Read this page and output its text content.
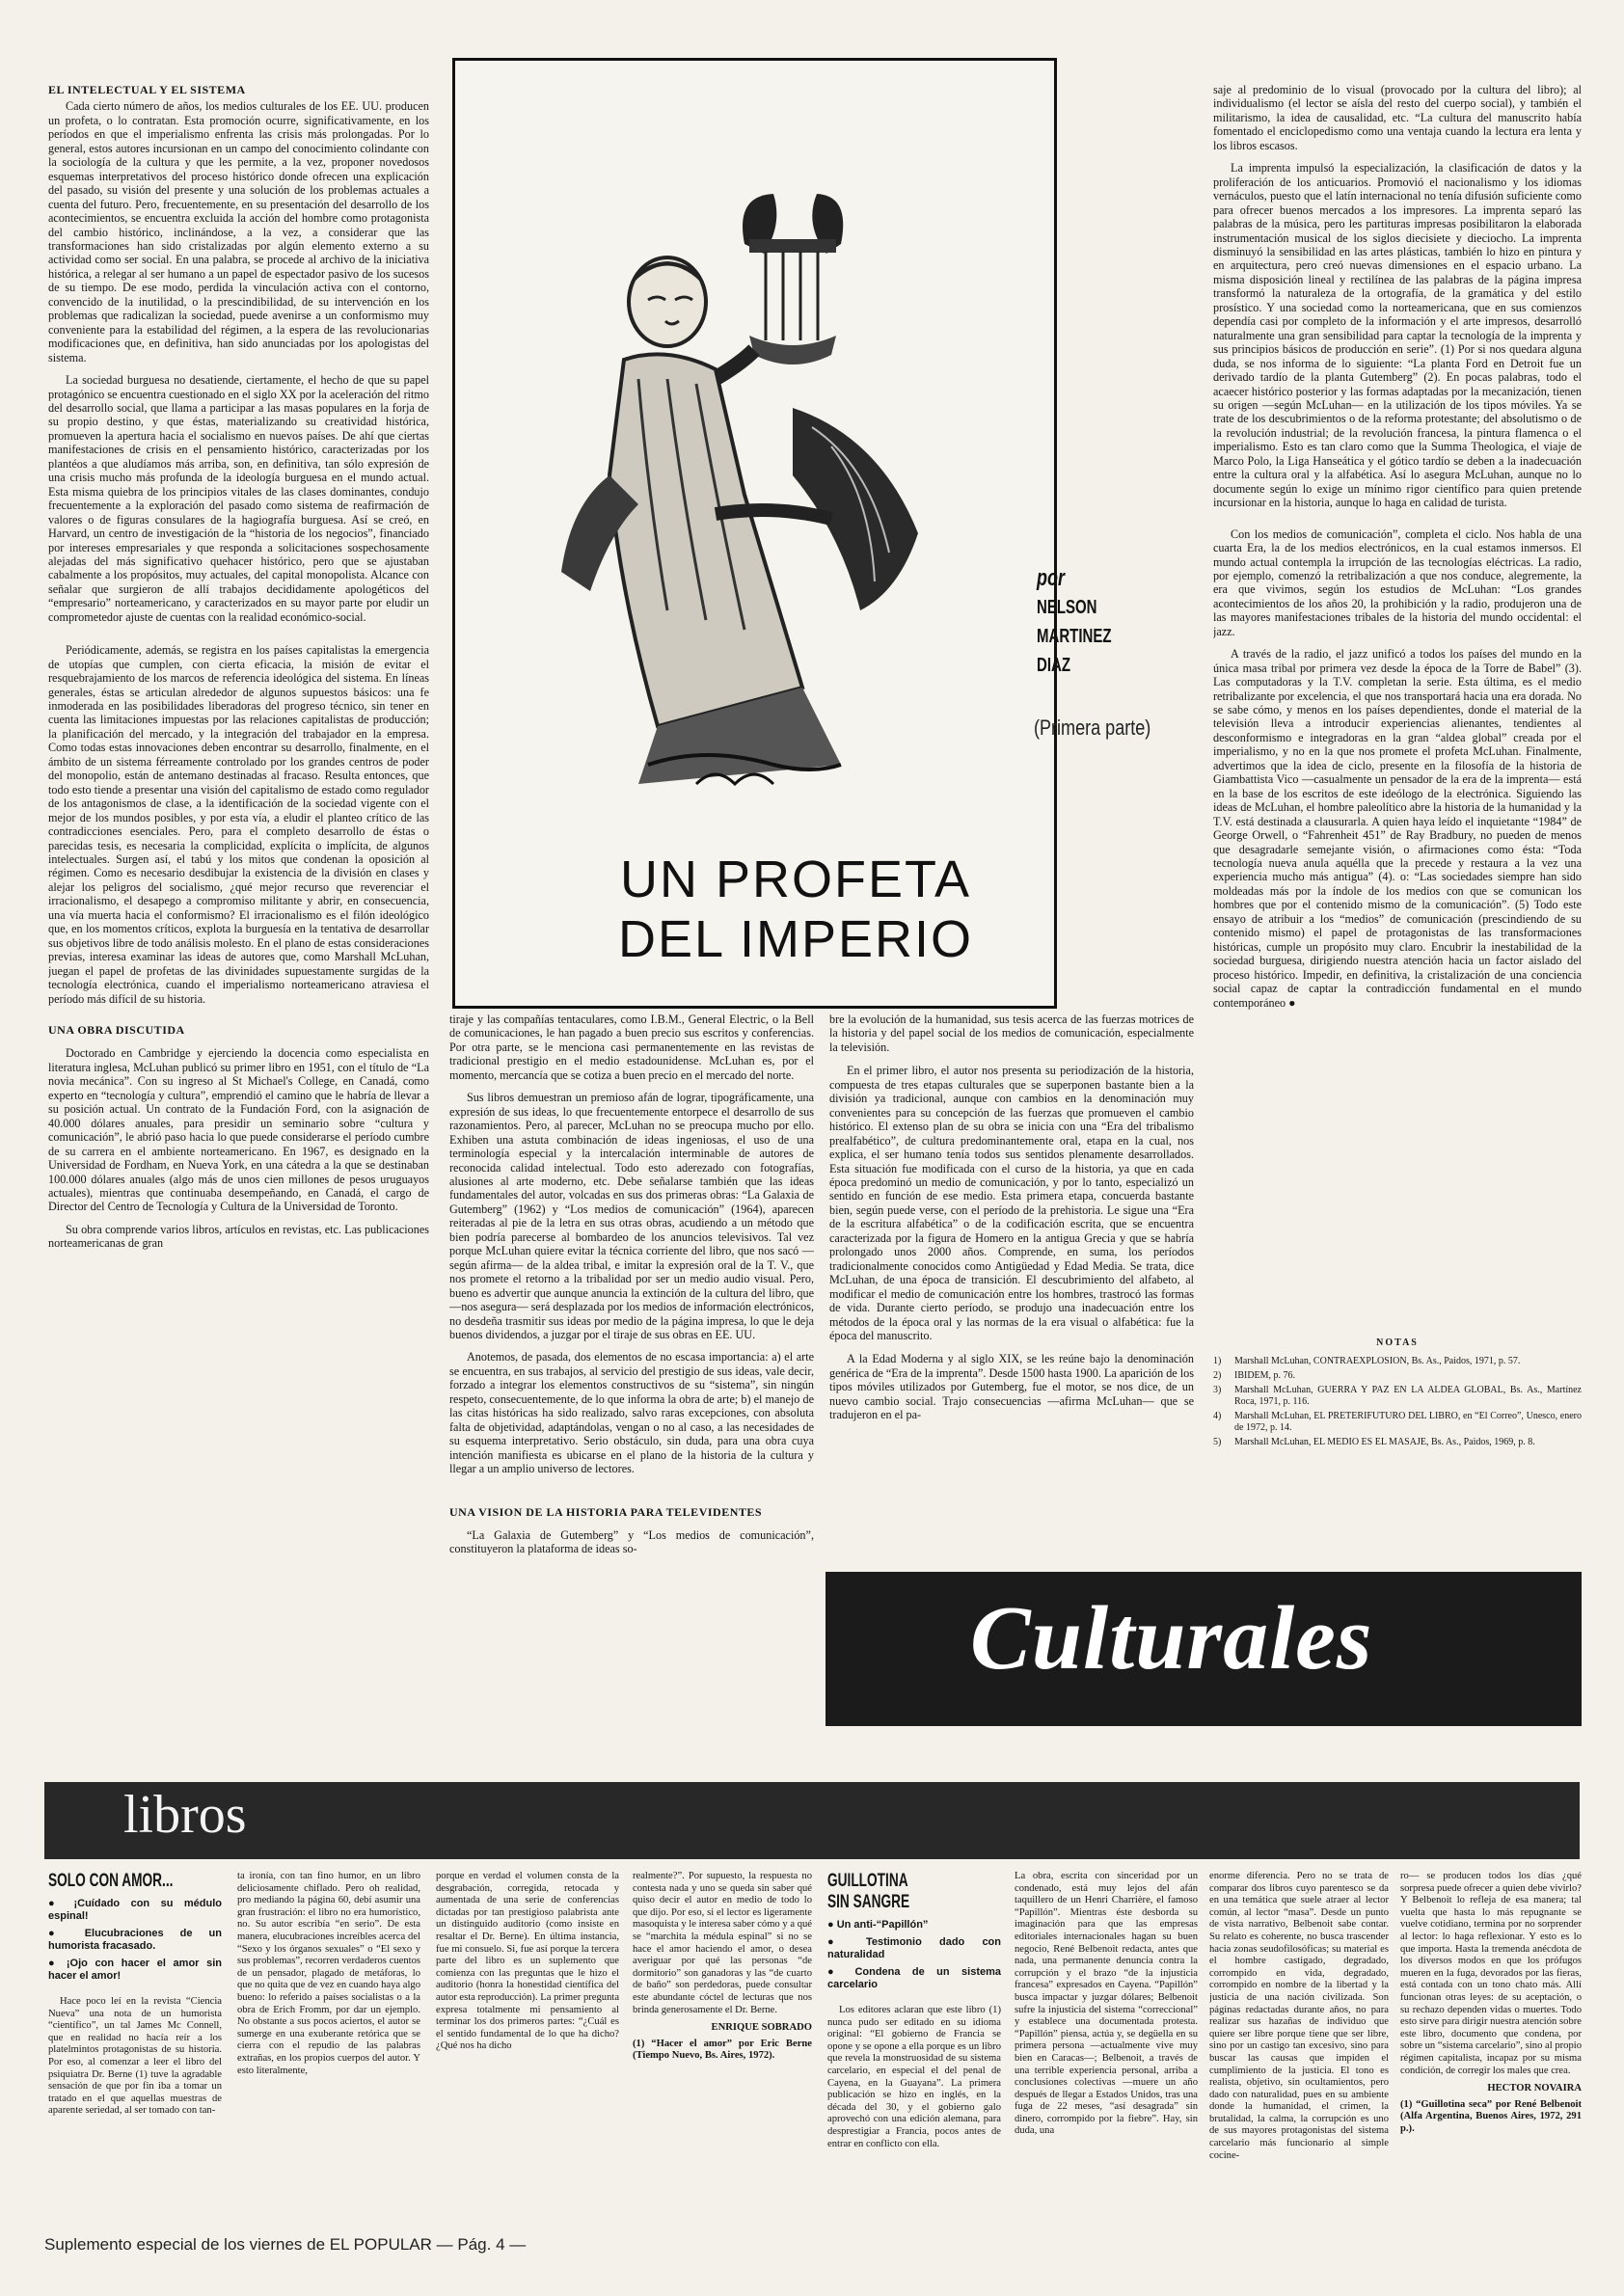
EL INTELECTUAL Y EL SISTEMA

Cada cierto número de años, los medios culturales de los EE. UU. producen un profeta, o lo contratan. Esta promoción ocurre, significativamente, en los períodos en que el imperialismo enfrenta las crisis más prolongadas. Por lo general, estos autores incursionan en un campo del conocimiento colindante con la sociología de la cultura y que les permite, a la vez, proponer novedosos esquemas interpretativos del proceso histórico donde ofrecen una explicación del pasado, su visión del presente y una solución de los problemas actuales a cuenta del futuro. Pero, frecuentemente, en su presentación del desarrollo de los acontecimientos, se encuentra excluida la acción del hombre como protagonista del cambio histórico, inclinándose, a la vez, a considerar que las transformaciones han sido cristalizadas por algún elemento externo a su actividad como ser social. En una palabra, se procede al archivo de la iniciativa histórica, a relegar al ser humano a un papel de espectador pasivo de los sucesos de su tiempo. De ese modo, perdida la vinculación activa con el contorno, convencido de la inutilidad, o la prescindibilidad, de su intervención en los problemas que radicalizan la sociedad, puede avenirse a un conformismo muy conveniente para la estabilidad del régimen, a la espera de las revolucionarias modificaciones que, en definitiva, han sido anunciadas por los apologistas del sistema.

La sociedad burguesa no desatiende, ciertamente, el hecho de que su papel protagónico se encuentra cuestionado en el siglo XX por la aceleración del ritmo del desarrollo social, que llama a participar a las masas populares en la forja de su propio destino, y que éstas, materializando su creatividad histórica, promueven la apertura hacia el socialismo en nuevos países. De ahí que ciertas manifestaciones de crisis en el pensamiento histórico, caracterizadas por los plantéos a que aludíamos más arriba, son, en definitiva, tan sólo expresión de una crisis mucho más profunda de la ideología burguesa en el mundo actual. Esta misma quiebra de los principios vitales de las clases dominantes, condujo frecuentemente a la exploración del pasado como sistema de reafirmación de valores o de figuras consulares de la hagiografía burguesa. Así se creó, en Harvard, un centro de investigación de la “historia de los negocios”, financiado por intereses empresariales y que responda a solicitaciones sospechosamente alejadas del más significativo quehacer histórico, pero que se ajustaban cabalmente a los propósitos, muy actuales, del capital monopolista. Alcance con señalar que surgieron de allí trabajos decididamente apologéticos del “empresario” norteamericano, y caracterizados en su mayor parte por eludir un comprometedor ajuste de cuentas con la realidad económico-social.

Periódicamente, además, se registra en los países capitalistas la emergencia de utopías que cumplen, con cierta eficacia, la misión de evitar el resquebrajamiento de los marcos de referencia ideológica del sistema. En líneas generales, éstas se articulan alrededor de algunos supuestos básicos: una fe inmoderada en las posibilidades liberadoras del progreso técnico, sin tener en cuenta las limitaciones impuestas por las relaciones capitalistas de producción; la planificación del mercado, y la integración del trabajador en la empresa. Como todas estas innovaciones deben encontrar su desarrollo, finalmente, en el ámbito de un sistema férreamente controlado por los grandes centros de poder del monopolio, están de antemano destinadas al fracaso. Resulta entonces, que todo esto tiende a presentar una visión del capitalismo de estado como regulador de los antagonismos de clase, a la identificación de la sociedad vigente con el mejor de los mundos posibles, y por esta vía, a eludir el planteo crítico de las contradicciones esenciales. Pero, para el completo desarrollo de éstas o parecidas tesis, es necesaria la complicidad, explícita o implícita, de algunos intelectuales. Surgen así, el tabú y los mitos que condenan la oposición al régimen. Como es necesario desdibujar la existencia de la división en clases y alejar los peligros del socialismo, ¿qué mejor recurso que reverenciar el irracionalismo, el desapego a compromiso militante y abrir, en consecuencia, una vía muerta hacia el conformismo? El irracionalismo es el filón ideológico que, en los momentos críticos, explota la burguesía en la tentativa de desarrollar sus objetivos libre de todo análisis molesto. En el plano de estas consideraciones previas, interesa examinar las ideas de autores que, como Marshall McLuhan, juegan el papel de profetas de las divinidades supuestamente surgidas de la tecnología electrónica, cuando el imperialismo norteamericano atraviesa el período más difícil de su historia.

UNA OBRA DISCUTIDA

Doctorado en Cambridge y ejerciendo la docencia como especialista en literatura inglesa, McLuhan publicó su primer libro en 1951, con el título de “La novia mecánica”. Con su ingreso al St Michael's College, en Canadá, como experto en “tecnología y cultura”, emprendió el camino que le habría de llevar a su posición actual. Un contrato de la Fundación Ford, con la asignación de 40.000 dólares anuales, para presidir un seminario sobre “cultura y comunicación”, le abrió paso hacia lo que puede considerarse el período cumbre de su carrera en el ambiente norteamericano. En 1967, es designado en la Universidad de Fordham, en Nueva York, en una cátedra a la que se destinaban 100.000 dólares anuales (algo más de unos cien millones de pesos uruguayos actuales), mientras que continuaba desempeñando, en Canadá, el cargo de Director del Centro de Tecnología y Cultura de la Universidad de Toronto.

Su obra comprende varios libros, artículos en revistas, etc. Las publicaciones norteamericanas de gran

UN PROFETA
DEL IMPERIO
por
NELSON
MARTINEZ
DIAZ
(Primera parte)

tiraje y las compañías tentaculares, como I.B.M., General Electric, o la Bell de comunicaciones, le han pagado a buen precio sus escritos y conferencias. Por otra parte, se le menciona casi permanentemente en las revistas de tradicional prestigio en el medio estadounidense. McLuhan es, por el momento, mercancía que se cotiza a buen precio en el mercado del norte.

Sus libros demuestran un premioso afán de lograr, tipográficamente, una expresión de sus ideas, lo que frecuentemente entorpece el desarrollo de sus razonamientos. Pero, al parecer, McLuhan no se preocupa mucho por ello. Exhiben una astuta combinación de ideas ingeniosas, el uso de una terminología especial y la intercalación interminable de autores de reconocida calidad intelectual. Todo esto aderezado con fotografías, alusiones al arte moderno, etc. Debe señalarse también que las ideas fundamentales del autor, volcadas en sus dos primeras obras: “La Galaxia de Gutemberg” (1962) y “Los medios de comunicación” (1964), aparecen reiteradas al pie de la letra en sus otras obras, acudiendo a un método que bien podría parecerse al bombardeo de los anuncios televisivos. Tal vez porque McLuhan quiere evitar la técnica corriente del libro, que nos sacó —según afirma— de la aldea tribal, e imitar la expresión oral de la T. V., que nos promete el retorno a la tribalidad por ser un medio audio visual. Pero, bueno es advertir que aunque anuncia la extinción de la cultura del libro, que —nos asegura— será desplazada por los medios de información electrónicos, no desdeña trasmitir sus ideas por medio de la página impresa, lo que le deja buenos dividendos, a juzgar por el tiraje de sus obras en EE. UU.

Anotemos, de pasada, dos elementos de no escasa importancia: a) el arte se encuentra, en sus trabajos, al servicio del prestigio de sus ideas, vale decir, forzado a integrar los elementos constructivos de su “sistema”, sin ningún respeto, consecuentemente, de lo que informa la obra de arte; b) el manejo de las citas históricas ha sido realizado, salvo raras excepciones, con absoluta falta de objetividad, adaptándolas, vengan o no al caso, a las necesidades de su esquema interpretativo. Serio obstáculo, sin duda, para una obra cuya intención manifiesta es ubicarse en el plano de la historia de la cultura y llegar a un amplio universo de lectores.

UNA VISION DE LA HISTORIA PARA TELEVIDENTES

“La Galaxia de Gutemberg” y “Los medios de comunicación”, constituyeron la plataforma de ideas so-

bre la evolución de la humanidad, sus tesis acerca de las fuerzas motrices de la historia y del papel social de los medios de comunicación, especialmente la televisión.

En el primer libro, el autor nos presenta su periodización de la historia, compuesta de tres etapas culturales que se superponen bastante bien a la división ya tradicional, aunque con cambios en la denominación muy convenientes para su concepción de las fuerzas que promueven el cambio histórico. El extenso plan de su obra se inicia con una “Era del tribalismo prealfabético”, de cultura predominantemente oral, etapa en la cual, nos explica, el ser humano tenía todos sus sentidos plenamente desarrollados. Esta situación fue modificada con el curso de la historia, ya que en cada época predominó un medio de comunicación, y por lo tanto, especializó un sentido en función de ese medio. Esta primera etapa, concuerda bastante bien, según puede verse, con el período de la prehistoria. Le sigue una “Era de la escritura alfabética” o de la codificación escrita, que se encuentra caracterizada por la figura de Homero en la antigua Grecia y que se habría prolongado unos 2000 años. Comprende, en suma, los períodos tradicionalmente conocidos como Antigüedad y Edad Media. Se trata, dice McLuhan, de una época de transición. El descubrimiento del alfabeto, al modificar el medio de comunicación entre los hombres, trastrocó las formas de vida. Durante cierto período, se produjo una inadecuación entre los métodos de la época oral y las normas de la era visual o alfabética: fue la época del manuscrito.

A la Edad Moderna y al siglo XIX, se les reúne bajo la denominación genérica de “Era de la imprenta”. Desde 1500 hasta 1900. La aparición de los tipos móviles utilizados por Gutemberg, fue el motor, se nos dice, de un nuevo cambio social. Trajo consecuencias —afirma McLuhan— que se tradujeron en el pa-

saje al predominio de lo visual (provocado por la cultura del libro); al individualismo (el lector se aísla del resto del cuerpo social), y también el militarismo, la idea de causalidad, etc. “La cultura del manuscrito había fomentado el enciclopedismo como una ventaja cuando la lectura era lenta y los libros escasos.

La imprenta impulsó la especialización, la clasificación de datos y la proliferación de los anticuarios. Promovió el nacionalismo y los idiomas vernáculos, puesto que el latín internacional no tenía difusión suficiente como para ofrecer buenos mercados a los impresores. La imprenta separó las palabras de la música, pero les partituras impresas posibilitaron la elaborada instrumentación musical de los siglos diecisiete y dieciocho. La imprenta disminuyó la sensibilidad en las artes plásticas, también lo hizo en pintura y en arquitectura, pero creó nuevas dimensiones en el espacio urbano. La misma disposición lineal y rectilínea de las palabras de la página impresa transformó la naturaleza de la ortografía, de la gramática y del estilo prosístico. Y una sociedad como la norteamericana, que en sus comienzos dependía casi por completo de la información y el arte impresos, desarrolló naturalmente una gran sensibilidad para captar la tecnología de la imprenta y sus principios básicos de producción en serie”. (1) Por si nos quedara alguna duda, se nos informa de lo siguiente: “La planta Ford en Detroit fue un derivado tardío de la planta Gutemberg” (2). En pocas palabras, todo el acaecer histórico posterior y las formas adaptadas por la mecanización, tienen su origen —según McLuhan— en la utilización de los tipos móviles. Ya se trate de los descubrimientos o de la reforma protestante; del absolutismo o de la revolución industrial; de la revolución francesa, la pintura flamenca o el imperialismo. Esto es tan claro como que la Summa Theologica, el viaje de Marco Polo, la Liga Hanseática y el gótico tardío se deben a la inadecuación entre la cultura oral y la alfabética. Así lo asegura McLuhan, aunque no lo documente según lo exige un mínimo rigor científico para quien pretende incursionar en la historia, aunque lo haga en calidad de turista.

Con los medios de comunicación”, completa el ciclo. Nos habla de una cuarta Era, la de los medios electrónicos, en la cual estamos inmersos. El mundo actual contempla la irrupción de las tecnologías eléctricas. La radio, por ejemplo, comenzó la retribalización a que nos conduce, alegremente, la era que vivimos, según los estudios de McLuhan: “Los grandes acontecimientos de los años 20, la prohibición y la radio, produjeron una de las mayores manifestaciones tribales de la historia del mundo occidental: el jazz.

A través de la radio, el jazz unificó a todos los países del mundo en la única masa tribal por primera vez desde la época de la Torre de Babel” (3). Las computadoras y la T.V. completan la serie. Esta última, es el medio retribalizante por excelencia, el que nos transportará hacia una era dorada. No se sabe cómo, y menos en los países dependientes, donde el material de la televisión lleva a introducir experiencias alienantes, tendientes al desconformismo e integradoras en la gran “aldea global” creada por el imperialismo, y no en la que nos promete el profeta McLuhan. Finalmente, advertimos que la idea de ciclo, presente en la filosofía de la historia de Giambattista Vico —casualmente un pensador de la era de la imprenta— está en la base de los escritos de este ideólogo de la electrónica. Siguiendo las ideas de McLuhan, el hombre paleolítico abre la historia de la humanidad y la T.V. está destinada a clausurarla. A quien haya leído el inquietante “1984” de George Orwell, o “Fahrenheit 451” de Ray Bradbury, no pueden de menos que desagradarle semejante visión, o afirmaciones como ésta: “Toda tecnología nueva anula aquélla que la precede y restaura a la vez una experiencia mucho más antigua” (4). o: “Las sociedades siempre han sido moldeadas más por la índole de los medios con que se comunican los hombres que por el contenido mismo de la comunicación”. (5) Todo este ensayo de atribuir a los “medios” de comunicación (prescindiendo de su contenido mismo) el papel de protagonistas de las transformaciones históricas, cumple un propósito muy claro. Encubrir la inestabilidad de la sociedad burguesa, dirigiendo nuestra atención hacia un factor aislado del proceso histórico. Impedir, en definitiva, la cristalización de una conciencia social capaz de captar la contradicción fundamental en el mundo contemporáneo ●

NOTAS
1)	Marshall McLuhan, CONTRAEXPLOSION, Bs. As., Paidos, 1971, p. 57.
2)	IBIDEM, p. 76.
3)	Marshall McLuhan, GUERRA Y PAZ EN LA ALDEA GLOBAL, Bs. As., Martínez Roca, 1971, p. 116.
4)	Marshall McLuhan, EL PRETERIFUTURO DEL LIBRO, en “El Correo”, Unesco, enero de 1972, p. 14.
5)	Marshall McLuhan, EL MEDIO ES EL MASAJE, Bs. As., Paidos, 1969, p. 8.
Culturales
libros
SOLO CON AMOR...
● ¡Cuídado con su médulo espinal!
● Elucubraciones de un humorista fracasado.
● ¡Ojo con hacer el amor sin hacer el amor!

Hace poco leí en la revista “Ciencia Nueva” una nota de un humorista “científico”, un tal James Mc Connell, que en realidad no hacía reír a los platelmintos protagonistas de su historia. Por eso, al comenzar a leer el libro del psiquiatra Dr. Berne (1) tuve la agradable sensación de que por fin iba a tomar un tratado en el que aquellas muestras de aparente seriedad, al ser tomado con tan-

ta ironía, con tan fino humor, en un libro deliciosamente chiflado. Pero oh realidad, pro mediando la página 60, debí asumir una gran frustración: el libro no era humorístico, no. Su autor escribía “en serio”. De esta manera, elucubraciones increíbles acerca del “Sexo y los órganos sexuales” o “El sexo y sus problemas”, recorren verdaderos cuentos de un pensador, plagado de metáforas, lo que no quita que de vez en cuando haya algo bueno: lo referido a países socialistas o a la obra de Erich Fromm, por dar un ejemplo. No obstante a sus pocos aciertos, el autor se sumerge en una exuberante retórica que se cierra con el repudio de las palabras extrañas, en los propios cuerpos del autor. Y esto literalmente,

porque en verdad el volumen consta de la desgrabación, corregida, retocada y aumentada de una serie de conferencias dictadas por tan prestigioso palabrista ante un distinguido auditorio (como insiste en resaltar el Dr. Berne). En última instancia, fue mi consuelo. Si, fue así porque la tercera parte del libro es un suplemento que comienza con las preguntas que le hizo el auditorio (honra la honestidad científica del autor esta reproducción). La primer pregunta expresa totalmente mi pensamiento al terminar los dos primeros partes: “¿Cuál es el sentido fundamental de lo que ha dicho? ¿Qué nos ha dicho

realmente?”. Por supuesto, la respuesta no contesta nada y uno se queda sin saber qué quiso decir el autor en medio de todo lo que dijo. Por eso, si el lector es ligeramente masoquista y le interesa saber cómo y a qué se “marchita la médula espinal” si no se hace el amor haciendo el amor, o desea averiguar por qué las personas “de dormitorio” son ganadoras y las “de cuarto de baño” son perdedoras, puede consultar este abundante cóctel de lecturas que nos brinda generosamente el Dr. Berne.

ENRIQUE SOBRADO
(1) “Hacer el amor” por Eric Berne (Tiempo Nuevo, Bs. Aires, 1972).
GUILLOTINA
SIN SANGRE
● Un anti-“Papillón”
● Testimonio dado con naturalidad
● Condena de un sistema carcelario

Los editores aclaran que este libro (1) nunca pudo ser editado en su idioma original: “El gobierno de Francia se opone y se opone a ella porque es un libro que revela la monstruosidad de su sistema carcelario, en especial el del penal de Cayena, en la Guayana”. La primera publicación se hizo en inglés, en la década del 30, y el gobierno galo aprovechó con una edición alemana, para desprestigiar a Francia, pocos antes de entrar en conflicto con ella.

La obra, escrita con sinceridad por un condenado, está muy lejos del afán taquillero de un Henri Charrière, el famoso “Papillón”. Mientras éste desborda su imaginación para que las empresas editoriales internacionales hagan su buen negocio, René Belbenoit redacta, antes que nada, una permanente denuncia contra la corrupción y el brazo “de la injusticia francesa” expresados en Cayena. “Papillón” busca impactar y juzgar dólares; Belbenoit sufre la injusticia del sistema “correccional” y establece una documentada protesta. “Papillón” piensa, actúa y, se degüella en su primera persona —actualmente vive muy bien en Caracas—; Belbenoit, a través de una terrible experiencia personal, arriba a conclusiones colectivas —muere un año después de llegar a Estados Unidos, tras una fuga de 22 meses, “así desagrada” sin dinero, corrompido por la fiebre”. Hay, sin duda, una

enorme diferencia. Pero no se trata de comparar dos libros cuyo parentesco se da en una temática que suele atraer al lector común, al lector “masa”. Desde un punto de vista narrativo, Belbenoit sabe contar. Su relato es coherente, no busca trascender hacia zonas seudofilosóficas; su material es el hombre castigado, degradado, corrompido en vida, degradado, corrompido en nombre de la libertad y la justicia de una nación civilizada. Son páginas redactadas durante años, no para realizar sus hazañas de individuo que quiere ser libre porque tiene que ser libre, sino por un castigo tan excesivo, sino para buscar las causas que impiden el cumplimiento de la justicia. El tono es realista, objetivo, sin ocultamientos, pero dado con naturalidad, pues en su ambiente donde la humanidad, el crimen, la brutalidad, la calma, la corrupción es uno de sus mayores protagonistas del sistema carcelario más funcionario al simple cocine-

ro— se producen todos los días ¿qué sorpresa puede ofrecer a quien debe vivirlo? Y Belbenoit lo refleja de esa manera; tal vuelta que hasta lo más repugnante se vuelve cotidiano, termina por no sorprender al lector: lo haga reflexionar. Y esto es lo que importa. Hasta la tremenda anécdota de los diversos modos en que los prófugos mueren en la fuga, devorados por las fieras, está contada con un tono chato más. Allí funcionan otras leyes: de su aceptación, o su rechazo dependen vidas o muertes. Todo esto sirve para dirigir nuestra atención sobre este libro, documento que condena, por sobre un “sistema carcelario”, sino al propio régimen capitalista, incapaz por su misma condición, de corregir los males que crea.

HECTOR NOVAIRA
(1) “Guillotina seca” por René Belbenoit (Alfa Argentina, Buenos Aires, 1972, 291 p.).
Suplemento especial de los viernes de EL POPULAR — Pág. 4 —
